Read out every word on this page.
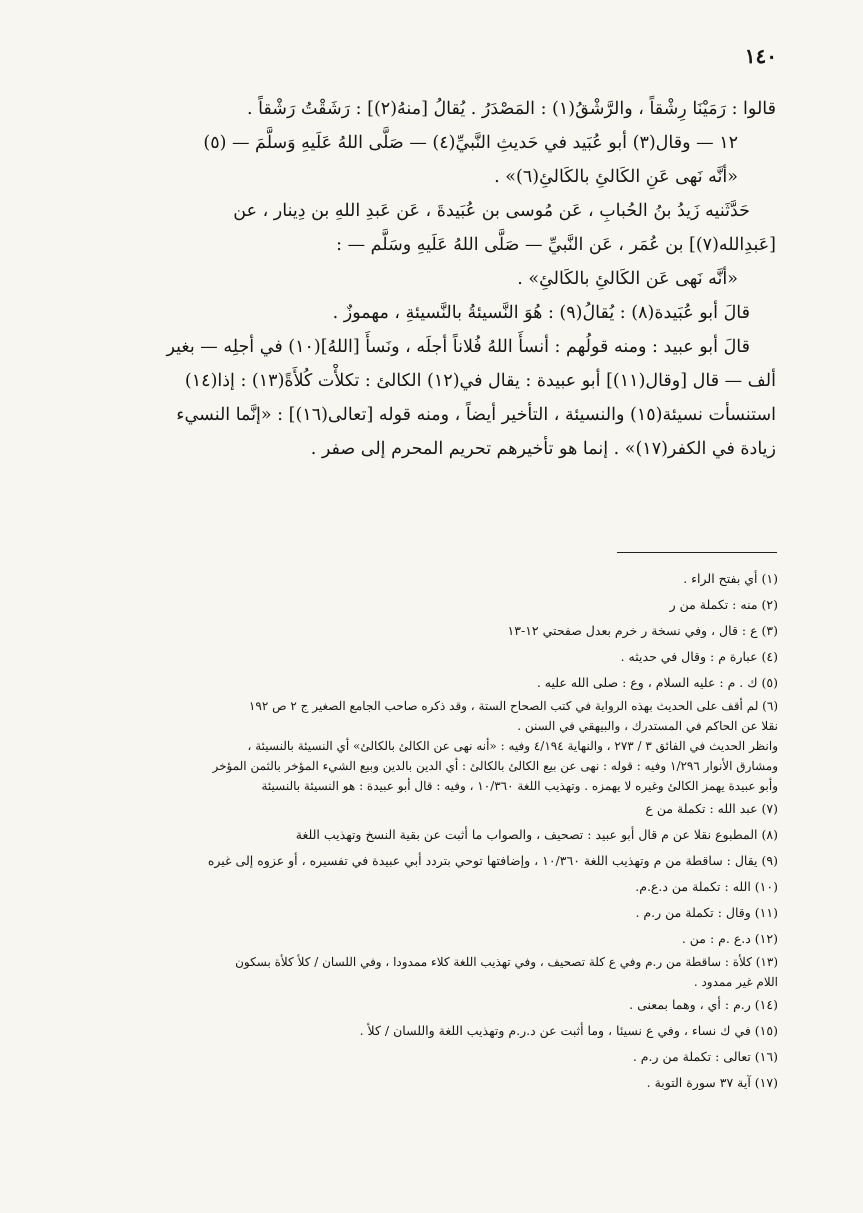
١٤٠
قالوا : رَمَيْنَا رِشْقاً ، والرَّشْقُ(١) : المَصْدَرُ . يُقالُ [منهُ(٢)] : رَشَقْتُ رَشْقاً .
١٢ — وقال(٣) أبو عُبَيد في حَديثِ النَّبيِّ(٤) — صَلَّى اللهُ عَلَيهِ وَسلَّمَ — (٥)
«أنَّه نَهى عَنِ الكَالئِ بالكَالئِ(٦)» .
حَدَّثَنيه زَيدُ بنُ الحُبابِ ، عَن مُوسى بن عُبَيدةَ ، عَن عَبدِ اللهِ بن دِينار ، عن
[عَبدِالله(٧)] بن عُمَر ، عَن النَّبيِّ — صَلَّى اللهُ عَلَيهِ وسَلَّم — :
«أنَّه نَهى عَن الكَالئِ بالكَالئِ» .
قالَ أبو عُبَيدة(٨) : يُقالُ(٩) : هُوَ النَّسيئةُ بالنَّسيئةِ ، مهموزٌ .
قالَ أبو عبيد : ومنه قولُهم : أنسأَ اللهُ فُلاناً أجلَه ، ونَسأَ [اللهُ](١٠) في أجلِه — بغير
ألف — قال [وقال(١١)] أبو عبيدة : يقال في(١٢) الكالئ : تكلأْت كُلأَةً(١٣) : إذا(١٤)
استنسأت نسيئة(١٥) والنسيئة ، التأخير أيضاً ، ومنه قوله [تعالى(١٦)] : «إنَّما النسيء
زيادة في الكفر(١٧)» . إنما هو تأخيرهم تحريم المحرم إلى صفر .
(١) أي بفتح الراء .
(٢) منه : تكملة من ر
(٣) ع : قال ، وفي نسخة ر خرم بعدل صفحتي ١٢-١٣
(٤) عبارة م : وقال في حديثه .
(٥) ك . م : عليه السلام ، وع : صلى الله عليه .
(٦) لم أقف على الحديث بهذه الرواية في كتب الصحاح الستة ، وقد ذكره صاحب الجامع الصغير ج ٢ ص ١٩٢
نقلا عن الحاكم في المستدرك ، والبيهقي في السنن .
وانظر الحديث في الفائق ٣ / ٢٧٣ ، والنهاية ٤/١٩٤ وفيه : «أنه نهى عن الكالئ بالكالئ» أي النسيئة بالنسيئة ،
ومشارق الأنوار ١/٢٩٦ وفيه : قوله : نهى عن بيع الكالئ بالكالئ : أي الدين بالدين وبيع الشيء المؤخر بالثمن المؤخر
وأبو عبيدة يهمز الكالئ وغيره لا يهمزه . وتهذيب اللغة ١٠/٣٦٠ ، وفيه : قال أبو عبيدة : هو النسيئة بالنسيئة
(٧) عبد الله : تكملة من ع
(٨) المطبوع نقلا عن م قال أبو عبيد : تصحيف ، والصواب ما أثبت عن بقية النسخ وتهذيب اللغة
(٩) يقال : ساقطة من م وتهذيب اللغة ١٠/٣٦٠ ، وإضافتها توحي بتردد أبي عبيدة في تفسيره ، أو عزوه إلى غيره
(١٠) الله : تكملة من د.ع.م.
(١١) وقال : تكملة من ر.م .
(١٢) د.ع .م : من .
(١٣) كلأة : ساقطة من ر.م وفي ع كلة تصحيف ، وفي تهذيب اللغة كلاء ممدودا ، وفي اللسان / كلأ كلأة بسكون
اللام غير ممدود .
(١٤) ر.م : أي ، وهما بمعنى .
(١٥) في ك نساء ، وفي ع نسيئا ، وما أثبت عن د.ر.م وتهذيب اللغة واللسان / كلأ .
(١٦) تعالى : تكملة من ر.م .
(١٧) آية ٣٧ سورة التوبة .
